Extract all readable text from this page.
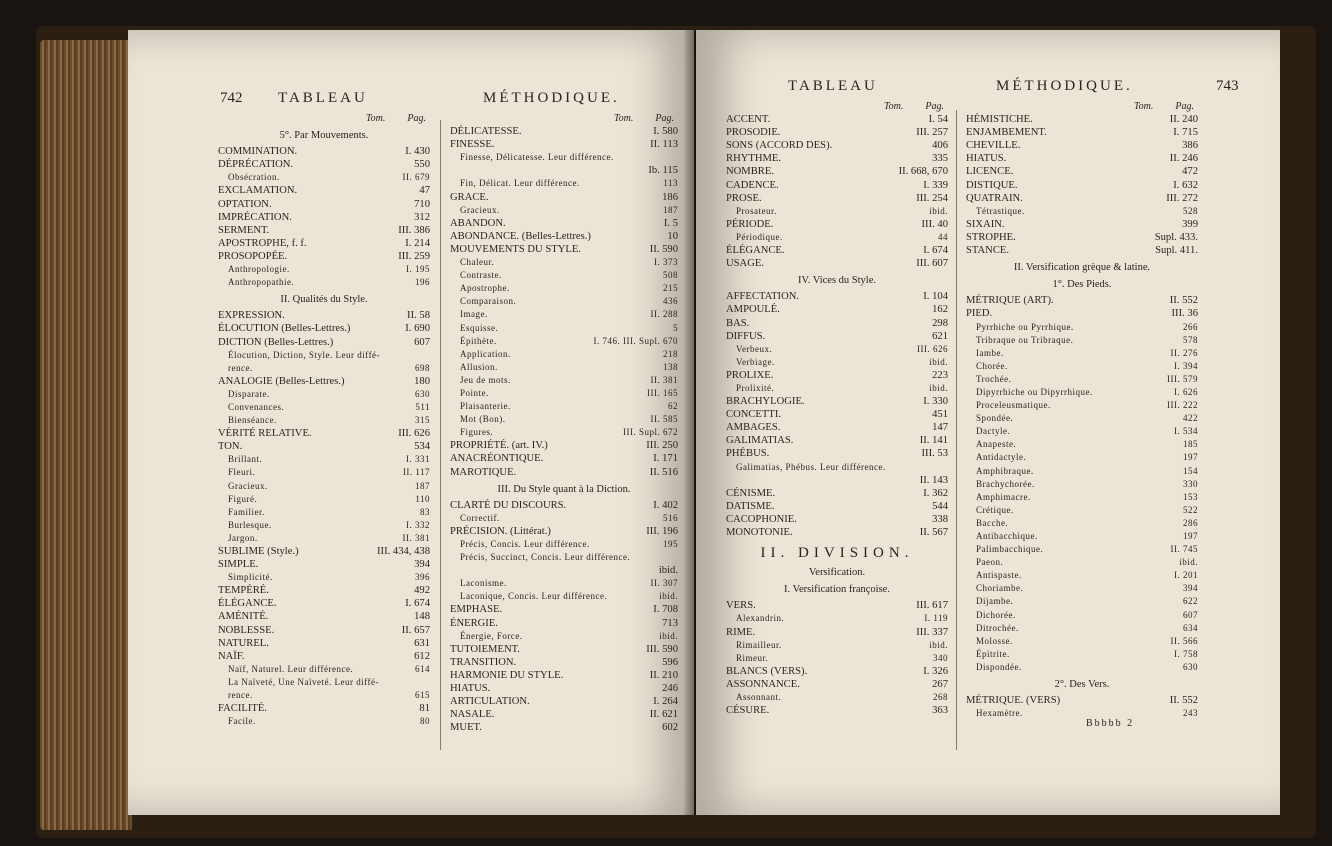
742 TABLEAU	MÉTHODIQUE.
Tom. Pag.
5°. Par Mouvements.
COMMINATION.	I. 430
DÉPRÉCATION.	550
Obsécration.	II. 679
EXCLAMATION.	47
OPTATION.	710
IMPRÉCATION.	312
SERMENT.	III. 386
APOSTROPHE, f. f.	I. 214
PROSOPOPÉE.	III. 259
Anthropologie.	I. 195
Anthropopathie.	196
II. Qualités du Style.
EXPRESSION.	II. 58
ÉLOCUTION (Belles-Lettres.)	I. 690
DICTION (Belles-Lettres.)	607
Élocution, Diction, Style. Leur diffé-
rence.	698
ANALOGIE (Belles-Lettres.)	180
Disparate.	630
Convenances.	511
Bienséance.	315
VÉRITÉ RELATIVE.	III. 626
TON.	534
Brillant.	I. 331
Fleuri.	II. 117
Gracieux.	187
Figuré.	110
Familier.	83
Burlesque.	I. 332
Jargon.	II. 381
SUBLIME (Style.)	III. 434, 438
SIMPLE.	394
Simplicité.	396
TEMPÉRÉ.	492
ÉLÉGANCE.	I. 674
AMÉNITÉ.	148
NOBLESSE.	II. 657
NATUREL.	631
NAÏF.	612
Naïf, Naturel. Leur différence.	614
La Naïveté, Une Naïveté. Leur diffé-
rence.	615
FACILITÉ.	81
Facile.	80
Tom. Pag.
DÉLICATESSE.	I. 580
FINESSE.	II. 113
Finesse, Délicatesse. Leur différence.
Ib. 115
Fin, Délicat. Leur différence.	113
GRACE.	186
Gracieux.	187
ABANDON.	I. 5
ABONDANCE. (Belles-Lettres.)	10
MOUVEMENTS DU STYLE.	II. 590
Chaleur.	I. 373
Contraste.	508
Apostrophe.	215
Comparaison.	436
Image.	II. 288
Esquisse.	5
Épithète.	I. 746. III. Supl. 670
Application.	218
Allusion.	138
Jeu de mots.	II. 381
Pointe.	III. 165
Plaisanterie.	62
Mot (Bon).	II. 585
Figures.	III. Supl. 672
PROPRIÉTÉ. (art. IV.)	III. 250
ANACRÉONTIQUE.	I. 171
MAROTIQUE.	II. 516
III. Du Style quant à la Diction.
CLARTÉ DU DISCOURS.	I. 402
Correctif.	516
PRÉCISION. (Littérat.)	III. 196
Précis, Concis. Leur différence.	195
Précis, Succinct, Concis. Leur différence.
ibid.
Laconisme.	II. 307
Laconique, Concis. Leur différence.	ibid.
EMPHASE.	I. 708
ÉNERGIE.	713
Énergie, Force.	ibid.
TUTOIEMENT.	III. 590
TRANSITION.	596
HARMONIE DU STYLE.	II. 210
HIATUS.	246
ARTICULATION.	I. 264
NASALE.	II. 621
MUET.	602
TABLEAU	MÉTHODIQUE.	743
Tom. Pag.
ACCENT.	I. 54
PROSODIE.	III. 257
SONS (ACCORD DES).	406
RHYTHME.	335
NOMBRE.	II. 668, 670
CADENCE.	I. 339
PROSE.	III. 254
Prosateur.	ibid.
PÉRIODE.	III. 40
Périodique.	44
ÉLÉGANCE.	I. 674
USAGE.	III. 607
IV. Vices du Style.
AFFECTATION.	I. 104
AMPOULÉ.	162
BAS.	298
DIFFUS.	621
Verbeux.	III. 626
Verbiage.	ibid.
PROLIXE.	223
Prolixité.	ibid.
BRACHYLOGIE.	I. 330
CONCETTI.	451
AMBAGES.	147
GALIMATIAS.	II. 141
PHÉBUS.	III. 53
Galimatias, Phébus. Leur différence.
II. 143
CÉNISME.	I. 362
DATISME.	544
CACOPHONIE.	338
MONOTONIE.	II. 567
II. DIVISION.
Versification.
I. Versification françoise.
VERS.	III. 617
Alexandrin.	I. 119
RIME.	III. 337
Rimailleur.	ibid.
Rimeur.	340
BLANCS (VERS).	I. 326
ASSONNANCE.	267
Assonnant.	268
CÉSURE.	363
Tom. Pag.
HÉMISTICHE.	II. 240
ENJAMBEMENT.	I. 715
CHEVILLE.	386
HIATUS.	II. 246
LICENCE.	472
DISTIQUE.	I. 632
QUATRAIN.	III. 272
Tétrastique.	528
SIXAIN.	399
STROPHE.	Supl. 433.
STANCE.	Supl. 411.
II. Versification grèque & latine.
1°. Des Pieds.
MÉTRIQUE (ART).	II. 552
PIED.	III. 36
Pyrrhiche ou Pyrrhique.	266
Tribraque ou Tribraque.	578
Iambe.	II. 276
Chorée.	I. 394
Trochée.	III. 579
Dipyrrhiche ou Dipyrrhique.	I. 626
Proceleusmatique.	III. 222
Spondée.	422
Dactyle.	I. 534
Anapeste.	185
Antidactyle.	197
Amphibraque.	154
Brachychorée.	330
Amphimacre.	153
Crétique.	522
Bacche.	286
Antibacchique.	197
Palimbacchique.	II. 745
Paeon.	ibid.
Antispaste.	I. 201
Choriambe.	394
Dijambe.	622
Dichorée.	607
Ditrochée.	634
Molosse.	II. 566
Épitrite.	I. 758
Dispondée.	630
2°. Des Vers.
MÉTRIQUE. (VERS)	II. 552
Hexamètre.	243
Bbbbb 2
